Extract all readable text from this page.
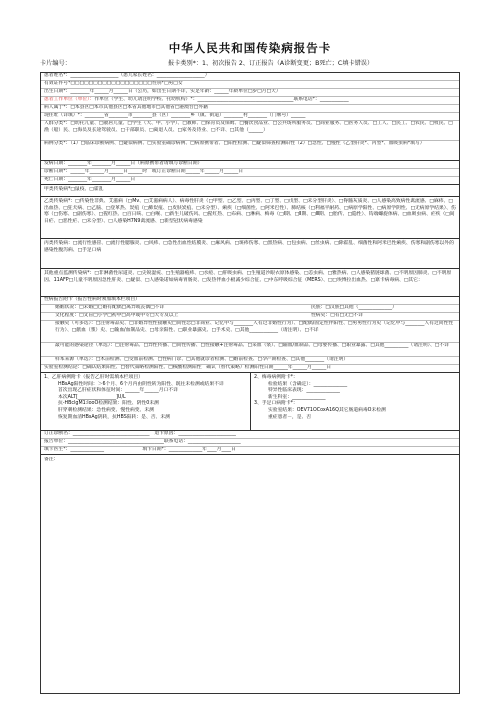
中华人民共和国传染病报告卡
卡片编号：	报卡类别*：1、初次报告 2、订正报告（A诊断变更；B死亡；C填卡错误）
患者姓名*：____________________（患儿家长姓名：____________________）
有效证件号*□□□□□□□□□□□□□□□□□□性别*□男□女
出生日期*：________年______月______日（公历，如出生日期不详，实足年龄：______年龄单位□岁□月□天）
患者工作单位（单位）：作单位（学生、幼儿请注明学校、托幼机构）*：________________________________________联系电话*：____________
病人属于*：□本县区□本市其他县区□本省其他地市□其他省□港澳台□外籍
现住址（详填）*：________省________市________县（区）________乡（镇、街道）________村________（门牌号）______
人群分类*：□幼托儿童、□散居儿童、□学生（大、中、小学）、□教师、□保育员及保姆、□餐饮食品业、□公共场所服务员、□商业服务、□医务人员、□工人、□民工、□农民、□牧民、□渔（船）民、□海员及长途驾驶员、□干部职员、□离退人员、□家务及待业、□不详、□其他（______）
病例分类*：（1）□临床诊断病例、□疑似病例、□实验室确诊病例、□病原携带者、□阳性检测、□疑似筛查检测阳性（2）□急性、□慢性（乙型肝炎*、丙型*、血吸虫病*填写）
发病日期：________年________月______日（病原携带者请填写诊断日期）
诊断日期*：______年______月______日______时　或订正诊断日期______年______月______日
死亡日期：________年________月______日
甲类传染病*□鼠疫、□霍乱
乙类传染病*：□传染性非典、艾滋病（□Mv、□艾滋病病人）、病毒性肝炎（□甲型、□乙型、□丙型、□丁型、□戊型、□未分型肝炎）、□脊髓灰质炎、□人感染高致病性禽流感、□麻疹、□出血热、□狂犬病、□乙脑、□登革热、炭疽（□肺炭疽、□皮肤炭疽、□未分型）、痢疾（□细菌性、□阿米巴性）、肺结核（□利福平耐药、□病原学阳性、□病原学阴性、□无病原学结果）、伤寒（□伤寒、□副伤寒）、□猩红热、□百日咳、□白喉、□新生儿破伤风、□猩红热、□布病、□淋病、梅毒（□Ⅰ期、□Ⅱ期、□Ⅲ期、□胎传、□隐性）、钩端螺旋体病、□血吸虫病、疟疾（□间日疟、□恶性疟、□未分型）、□人感染H7N9禽流感、□新型冠状病毒感染
丙类传染病：□流行性感冒、□流行性腮腺炎、□风疹、□急性出血性结膜炎、□麻风病、□斑疹伤寒、□黑热病、□包虫病、□丝虫病、□除霍乱、细菌性和阿米巴性痢疾、伤寒和副伤寒以外的感染性腹泻病、□手足口病
其他重点监测传染病*：□非淋菌性尿道炎、□尖锐湿疣、□生殖器疱疹、□水痘、□肝吸虫病、□生殖道沙眼衣原体感染、□恙虫病、□雅热病、□人感染猪链球菌、□不明原因肺炎、□不明原因、11AFP□儿童不明原因急性肝炎、□疑似、□人感染诺如病毒胃肠炎、□发热伴血小板减少综合征、□中东呼吸综合征（MERS）、□□埃博拉出血热、□寨卡病毒病、□其它：
性病报告附卡（报告性病时须加填本栏项目）
婚姻状况：□未婚□已婚有配偶□离异或丧偶□不详	民族：□汉族□其他（______________）
文化程度：□文盲□小学□初中□高中或中专□大专及以上	性病史：□有□无□不详
接触史（可多选）：□注射毒品史、□非婚异性性接触史□同性恋□非商业、记忆中与________人有过非婚性行为）、□配偶/固定性伴阳性、□男男性行为史（记忆中与________人有过同性性行为）、□献血（浆）史、□输血/血制品史、□母亲阳性、□职业暴露史、□手术史、□其他____________（请注明）、□不详
最可能的感染途径（单选）：□注射毒品、□异性传播、□同性传播、□性接触+注射毒品、□采血（浆）、□输血/血制品、□母婴传播、□职业暴露、□其他__________（请注明）、□不详
样本来源（单选）：□术前检测、□受血前检测、□性病门诊、□其他就诊者检测、□婚前检查、□孕产期检查、□其他________（请注明）
实验室检测结论：□确认结果阳性、□替代策略检测阳性、□核酸检测阳性　确认（替代策略）检测阳性日期______年______月______日
1、乙肝病例附卡（报告乙肝时需填本栏项目）
HBsAg阳性时间：＞6个月、6个月内由阴性转为阳性、既往未检测或结果不详
首次出现乙肝症状和体征时间：______年______月口不详
本次ALT[________________]U/L
抗-HBclgM1:looO检测结果：阳性、阴性0未测
肝穿刺检测结果：急性病变、慢性病变、未测
恢复期血清HBsAg阴转，抗HBS阳转：是、否、未测
2、梅毒病例附卡*：
检验结果（含确定）：______________
特异性临床表现：______________
新生科室：______________
3、手足口病附卡*：
实验室结果：OEV71OCoxA16Q其它肠道病毒O未检测
重症患者－，是、否
订正诊断名：________________________________　退卡原因：________________________
报告单位：________________________________________联系电话：______________________
填卡医生*：______________　　　　　　　　填卡日期*：______________年____月____日
备注：
